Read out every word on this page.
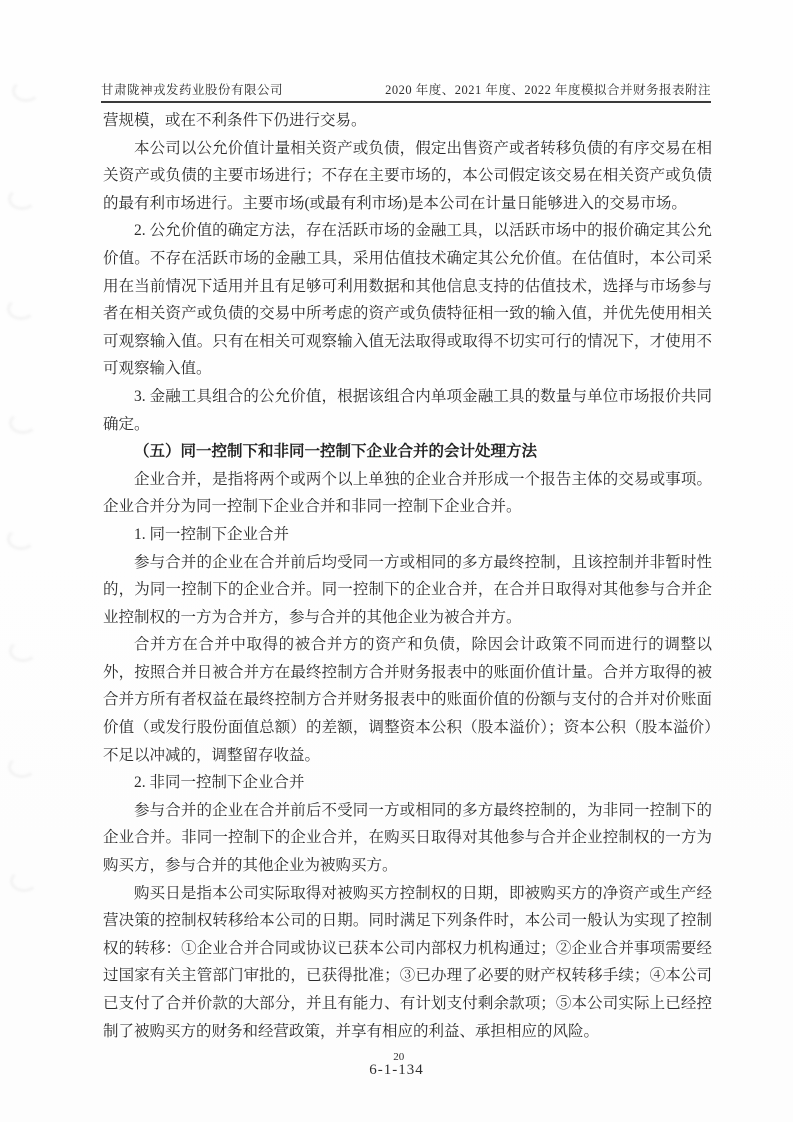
甘肃陇神戎发药业股份有限公司	2020 年度、2021 年度、2022 年度模拟合并财务报表附注

营规模，或在不利条件下仍进行交易。

本公司以公允价值计量相关资产或负债，假定出售资产或者转移负债的有序交易在相关资产或负债的主要市场进行；不存在主要市场的，本公司假定该交易在相关资产或负债的最有利市场进行。主要市场(或最有利市场)是本公司在计量日能够进入的交易市场。

2. 公允价值的确定方法，存在活跃市场的金融工具，以活跃市场中的报价确定其公允价值。不存在活跃市场的金融工具，采用估值技术确定其公允价值。在估值时，本公司采用在当前情况下适用并且有足够可利用数据和其他信息支持的估值技术，选择与市场参与者在相关资产或负债的交易中所考虑的资产或负债特征相一致的输入值，并优先使用相关可观察输入值。只有在相关可观察输入值无法取得或取得不切实可行的情况下，才使用不可观察输入值。

3. 金融工具组合的公允价值，根据该组合内单项金融工具的数量与单位市场报价共同确定。

（五）同一控制下和非同一控制下企业合并的会计处理方法

企业合并，是指将两个或两个以上单独的企业合并形成一个报告主体的交易或事项。企业合并分为同一控制下企业合并和非同一控制下企业合并。

1. 同一控制下企业合并

参与合并的企业在合并前后均受同一方或相同的多方最终控制，且该控制并非暂时性的，为同一控制下的企业合并。同一控制下的企业合并，在合并日取得对其他参与合并企业控制权的一方为合并方，参与合并的其他企业为被合并方。

合并方在合并中取得的被合并方的资产和负债，除因会计政策不同而进行的调整以外，按照合并日被合并方在最终控制方合并财务报表中的账面价值计量。合并方取得的被合并方所有者权益在最终控制方合并财务报表中的账面价值的份额与支付的合并对价账面价值（或发行股份面值总额）的差额，调整资本公积（股本溢价）；资本公积（股本溢价）不足以冲减的，调整留存收益。

2. 非同一控制下企业合并

参与合并的企业在合并前后不受同一方或相同的多方最终控制的，为非同一控制下的企业合并。非同一控制下的企业合并，在购买日取得对其他参与合并企业控制权的一方为购买方，参与合并的其他企业为被购买方。

购买日是指本公司实际取得对被购买方控制权的日期，即被购买方的净资产或生产经营决策的控制权转移给本公司的日期。同时满足下列条件时，本公司一般认为实现了控制权的转移：①企业合并合同或协议已获本公司内部权力机构通过；②企业合并事项需要经过国家有关主管部门审批的，已获得批准；③已办理了必要的财产权转移手续；④本公司已支付了合并价款的大部分，并且有能力、有计划支付剩余款项；⑤本公司实际上已经控制了被购买方的财务和经营政策，并享有相应的利益、承担相应的风险。

20
6-1-134
